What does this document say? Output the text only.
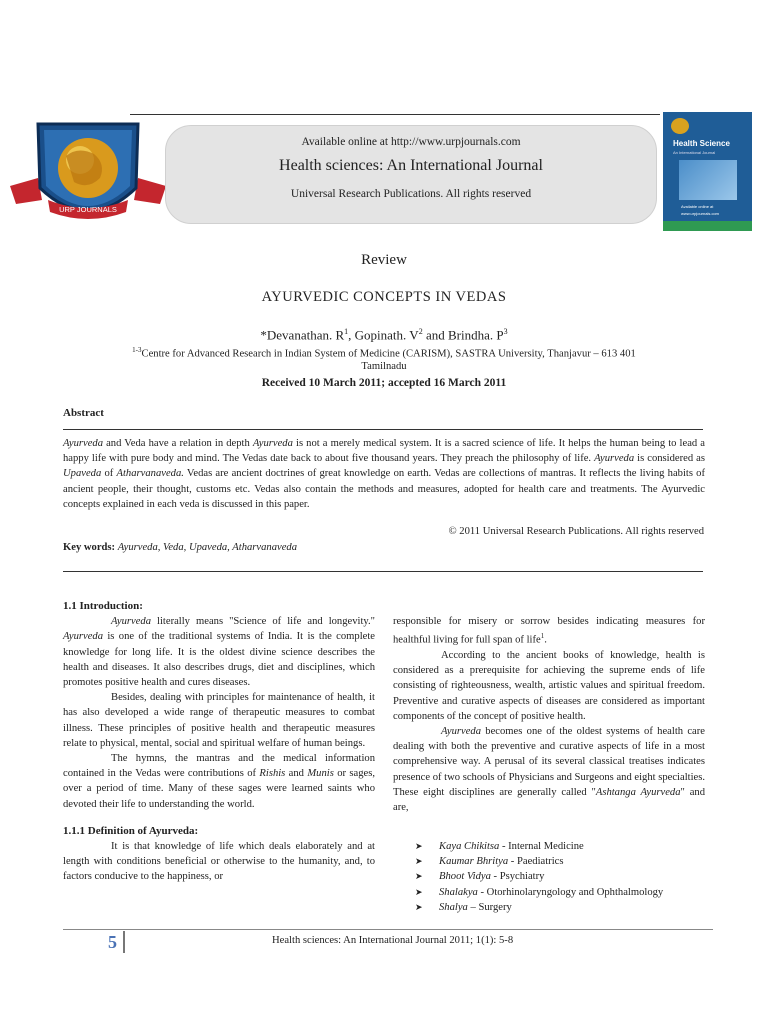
URP JOURNALS
Available online at http://www.urpjournals.com
Health sciences: An International Journal
Universal Research Publications. All rights reserved
Health Science
An International Journal
Available online at
www.urpjournals.com
Review
AYURVEDIC CONCEPTS IN VEDAS
*Devanathan. $R^1$, Gopinath. $V^2$ and Brindha. $P^3$
$^{1-3}$Centre for Advanced Research in Indian System of Medicine (CARISM), SASTRA University, Thanjavur – 613 401
Tamilnadu
Received 10 March 2011; accepted 16 March 2011
Abstract

Ayurveda and Veda have a relation in depth Ayurveda is not a merely medical system. It is a sacred science of life. It helps the human being to lead a happy life with pure body and mind. The Vedas date back to about five thousand years. They preach the philosophy of life. Ayurveda is considered as Upaveda of Atharvanaveda. Vedas are ancient doctrines of great knowledge on earth. Vedas are collections of mantras. It reflects the living habits of ancient people, their thought, customs etc. Vedas also contain the methods and measures, adopted for health care and treatments. The Ayurvedic concepts explained in each veda is discussed in this paper.

© 2011 Universal Research Publications. All rights reserved
Key words: Ayurveda, Veda, Upaveda, Atharvanaveda

1.1 Introduction:

Ayurveda literally means "Science of life and longevity." Ayurveda is one of the traditional systems of India. It is the complete knowledge for long life. It is the oldest divine science describes the health and diseases. It also describes drugs, diet and disciplines, which promotes positive health and cures diseases.

Besides, dealing with principles for maintenance of health, it has also developed a wide range of therapeutic measures to combat illness. These principles of positive health and therapeutic measures relate to physical, mental, social and spiritual welfare of human beings.

The hymns, the mantras and the medical information contained in the Vedas were contributions of Rishis and Munis or sages, over a period of time. Many of these sages were learned saints who devoted their life to understanding the world.

1.1.1 Definition of Ayurveda:

It is that knowledge of life which deals elaborately and at length with conditions beneficial or otherwise to the humanity, and, to factors conducive to the happiness, or

responsible for misery or sorrow besides indicating measures for healthful living for full span of life$^1$.

According to the ancient books of knowledge, health is considered as a prerequisite for achieving the supreme ends of life consisting of righteousness, wealth, artistic values and spiritual freedom. Preventive and curative aspects of diseases are considered as important components of the concept of positive health.

Ayurveda becomes one of the oldest systems of health care dealing with both the preventive and curative aspects of life in a most comprehensive way. A perusal of its several classical treatises indicates presence of two schools of Physicians and Surgeons and eight specialties. These eight disciplines are generally called "Ashtanga Ayurveda" and are,

➤ Kaya Chikitsa - Internal Medicine
➤ Kaumar Bhritya - Paediatrics
➤ Bhoot Vidya - Psychiatry
➤ Shalakya - Otorhinolaryngology and Ophthalmology
➤ Shalya – Surgery
5	Health sciences: An International Journal 2011; 1(1): 5-8
